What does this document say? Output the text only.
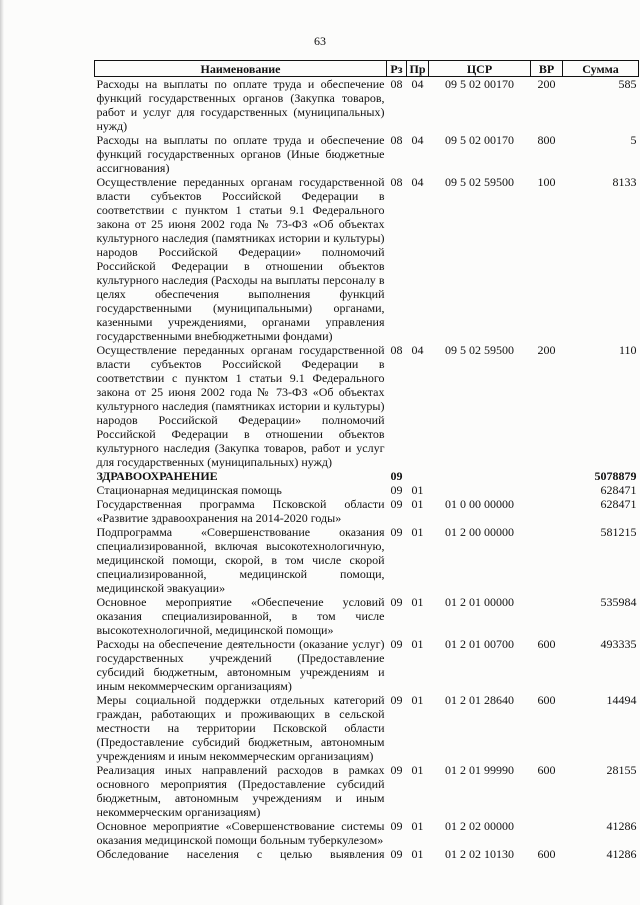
63
Наименование	Рз	Пр	ЦСР	ВР	Сумма
Расходы на выплаты по оплате труда и обеспечение функций государственных органов (Закупка товаров, работ и услуг для государственных (муниципальных) нужд)	08	04	09 5 02 00170	200	585
Расходы на выплаты по оплате труда и обеспечение функций государственных органов (Иные бюджетные ассигнования)	08	04	09 5 02 00170	800	5
Осуществление переданных органам государственной власти субъектов Российской Федерации в соответствии с пунктом 1 статьи 9.1 Федерального закона от 25 июня 2002 года № 73-ФЗ «Об объектах культурного наследия (памятниках истории и культуры) народов Российской Федерации» полномочий Российской Федерации в отношении объектов культурного наследия (Расходы на выплаты персоналу в целях обеспечения выполнения функций государственными (муниципальными) органами, казенными учреждениями, органами управления государственными внебюджетными фондами)	08	04	09 5 02 59500	100	8133
Осуществление переданных органам государственной власти субъектов Российской Федерации в соответствии с пунктом 1 статьи 9.1 Федерального закона от 25 июня 2002 года № 73-ФЗ «Об объектах культурного наследия (памятниках истории и культуры) народов Российской Федерации» полномочий Российской Федерации в отношении объектов культурного наследия (Закупка товаров, работ и услуг для государственных (муниципальных) нужд)	08	04	09 5 02 59500	200	110
ЗДРАВООХРАНЕНИЕ	09				5078879
Стационарная медицинская помощь	09	01			628471
Государственная программа Псковской области «Развитие здравоохранения на 2014-2020 годы»	09	01	01 0 00 00000		628471
Подпрограмма «Совершенствование оказания специализированной, включая высокотехнологичную, медицинской помощи, скорой, в том числе скорой специализированной, медицинской помощи, медицинской эвакуации»	09	01	01 2 00 00000		581215
Основное мероприятие «Обеспечение условий оказания специализированной, в том числе высокотехнологичной, медицинской помощи»	09	01	01 2 01 00000		535984
Расходы на обеспечение деятельности (оказание услуг) государственных учреждений (Предоставление субсидий бюджетным, автономным учреждениям и иным некоммерческим организациям)	09	01	01 2 01 00700	600	493335
Меры социальной поддержки отдельных категорий граждан, работающих и проживающих в сельской местности на территории Псковской области (Предоставление субсидий бюджетным, автономным учреждениям и иным некоммерческим организациям)	09	01	01 2 01 28640	600	14494
Реализация иных направлений расходов в рамках основного мероприятия (Предоставление субсидий бюджетным, автономным учреждениям и иным некоммерческим организациям)	09	01	01 2 01 99990	600	28155
Основное мероприятие «Совершенствование системы оказания медицинской помощи больным туберкулезом»	09	01	01 2 02 00000		41286
Обследование населения с целью выявления	09	01	01 2 02 10130	600	41286
